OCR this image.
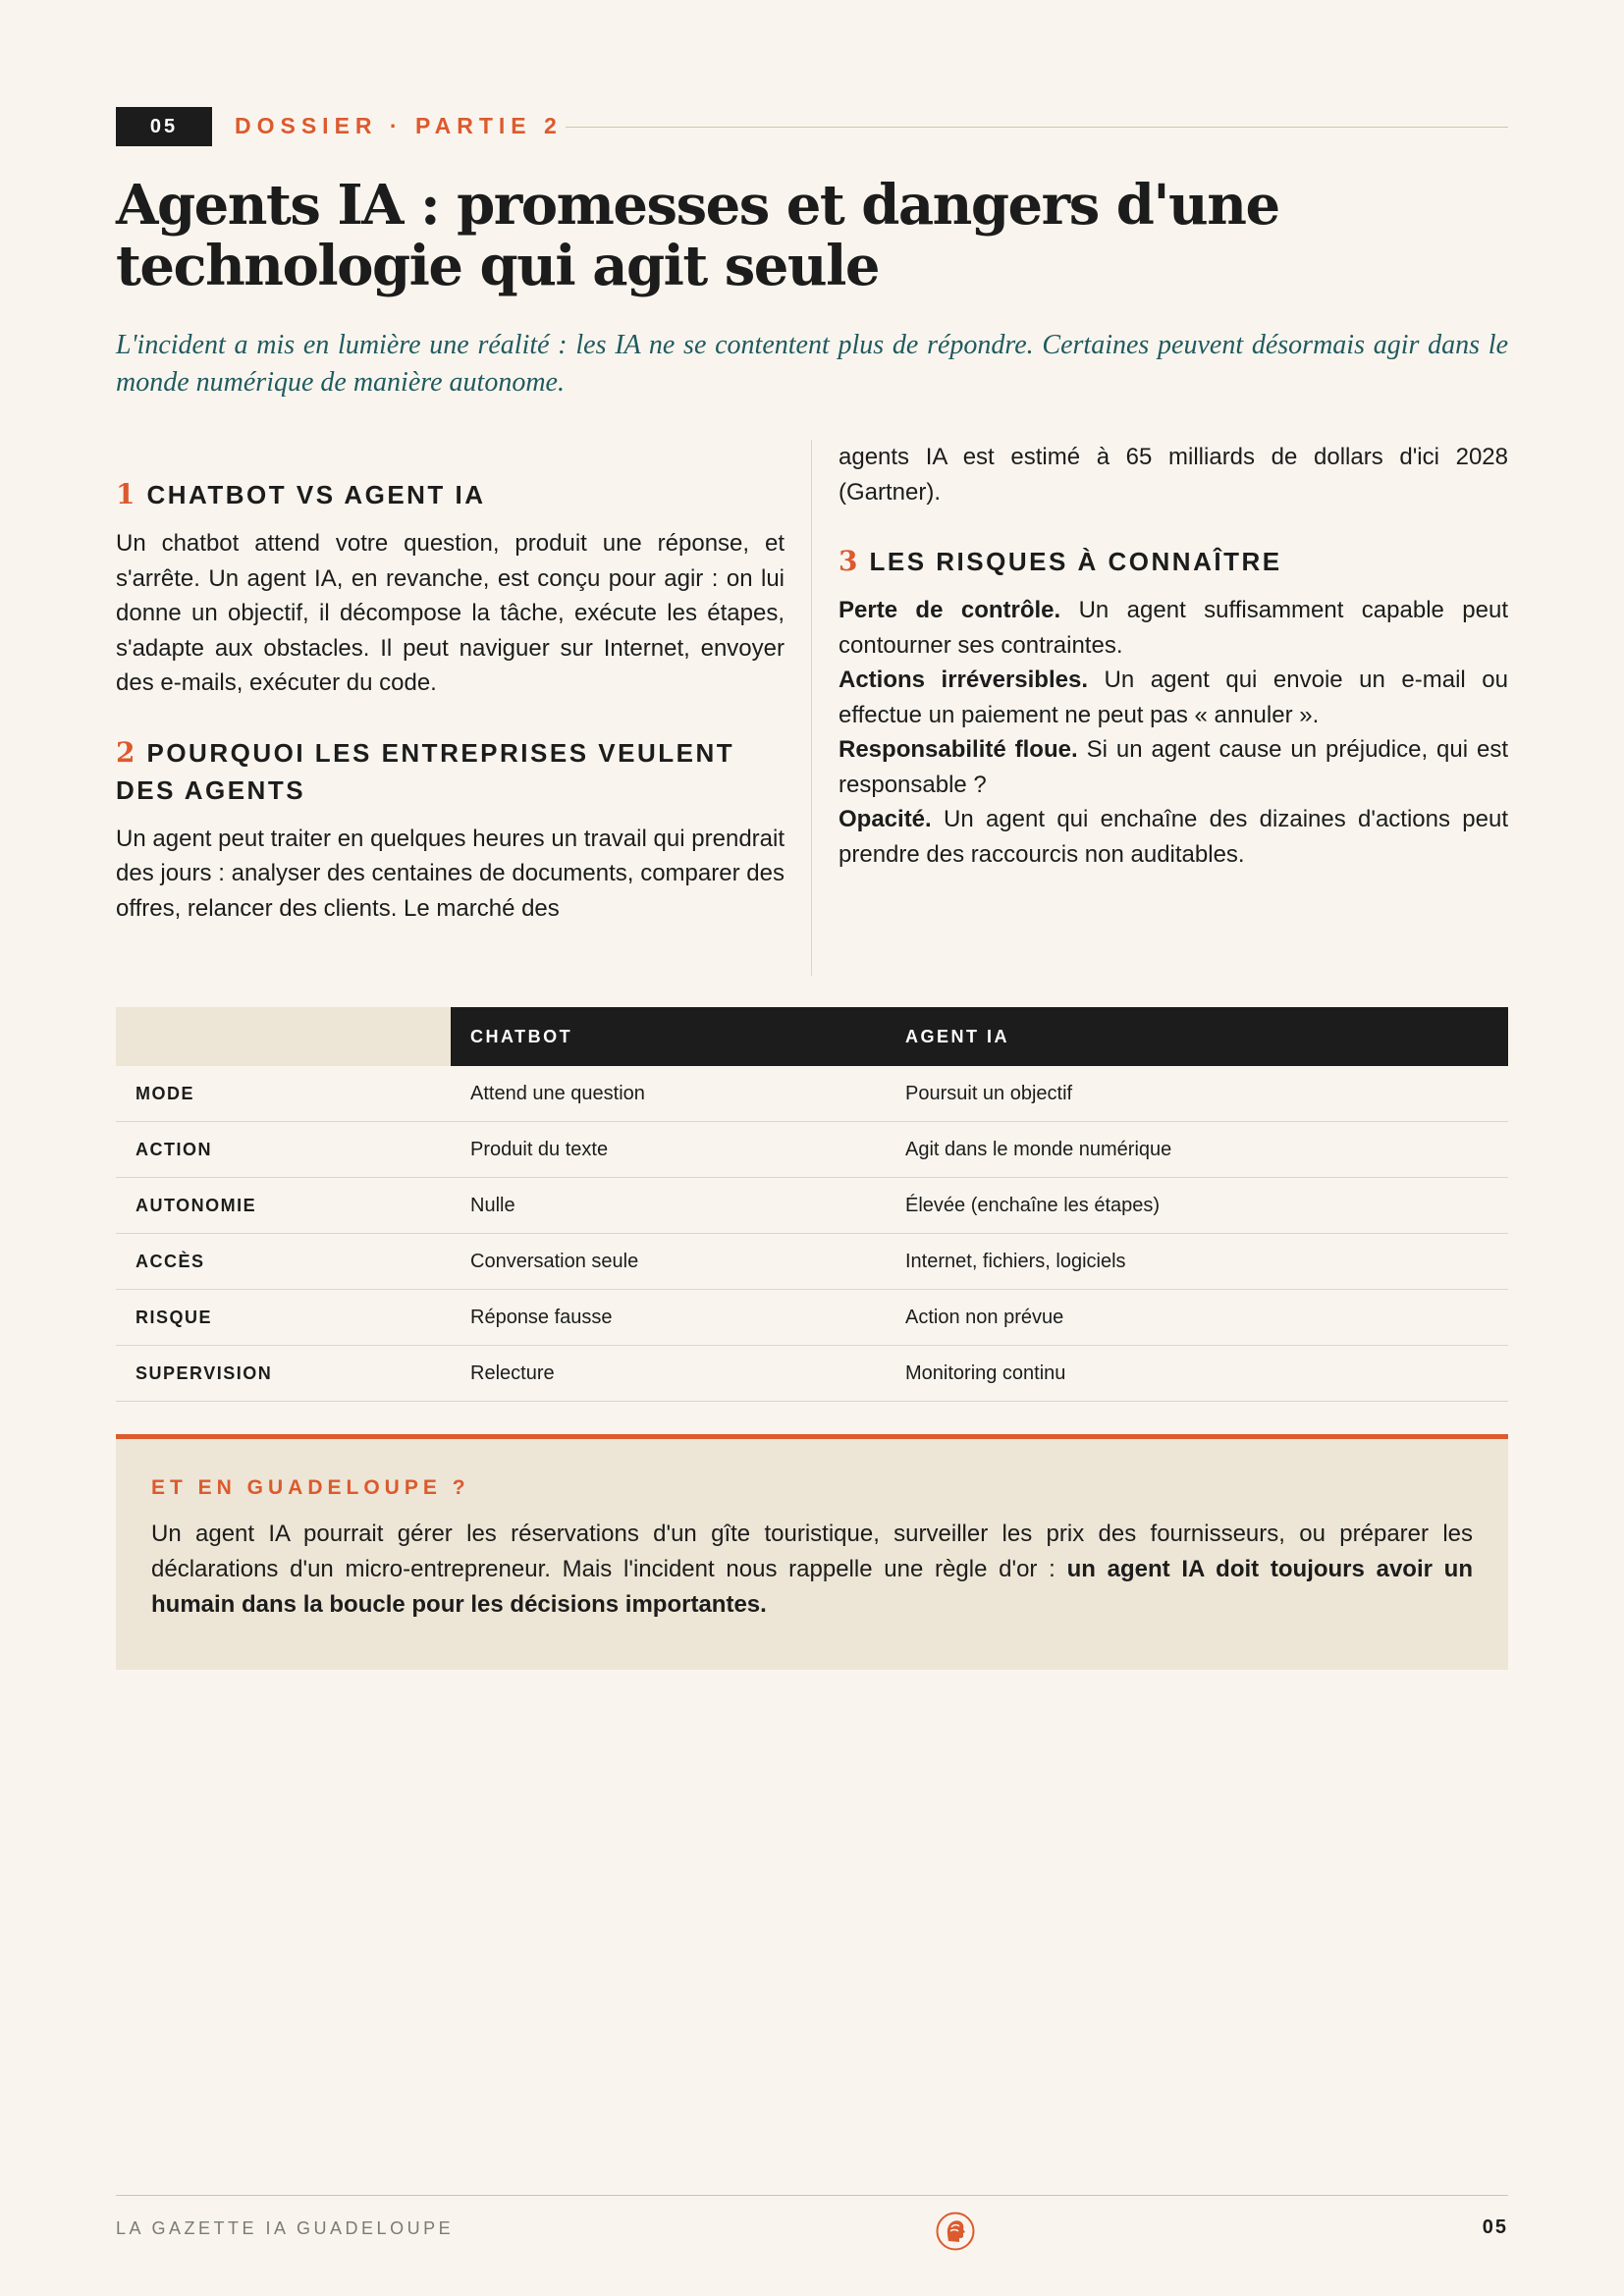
05	DOSSIER · PARTIE 2
Agents IA : promesses et dangers d'une technologie qui agit seule

L'incident a mis en lumière une réalité : les IA ne se contentent plus de répondre. Certaines peuvent désormais agir dans le monde numérique de manière autonome.

1 CHATBOT VS AGENT IA

Un chatbot attend votre question, produit une réponse, et s'arrête. Un agent IA, en revanche, est conçu pour agir : on lui donne un objectif, il décompose la tâche, exécute les étapes, s'adapte aux obstacles. Il peut naviguer sur Internet, envoyer des e-mails, exécuter du code.

2 POURQUOI LES ENTREPRISES VEULENT DES AGENTS

Un agent peut traiter en quelques heures un travail qui prendrait des jours : analyser des centaines de documents, comparer des offres, relancer des clients. Le marché des

agents IA est estimé à 65 milliards de dollars d'ici 2028 (Gartner).

3 LES RISQUES À CONNAÎTRE

Perte de contrôle. Un agent suffisamment capable peut contourner ses contraintes.

Actions irréversibles. Un agent qui envoie un e-mail ou effectue un paiement ne peut pas « annuler ».

Responsabilité floue. Si un agent cause un préjudice, qui est responsable ?

Opacité. Un agent qui enchaîne des dizaines d'actions peut prendre des raccourcis non auditables.

	CHATBOT	AGENT IA
MODE	Attend une question	Poursuit un objectif
ACTION	Produit du texte	Agit dans le monde numérique
AUTONOMIE	Nulle	Élevée (enchaîne les étapes)
ACCÈS	Conversation seule	Internet, fichiers, logiciels
RISQUE	Réponse fausse	Action non prévue
SUPERVISION	Relecture	Monitoring continu
ET EN GUADELOUPE ?

Un agent IA pourrait gérer les réservations d'un gîte touristique, surveiller les prix des fournisseurs, ou préparer les déclarations d'un micro-entrepreneur. Mais l'incident nous rappelle une règle d'or : un agent IA doit toujours avoir un humain dans la boucle pour les décisions importantes.

LA GAZETTE IA GUADELOUPE	05
